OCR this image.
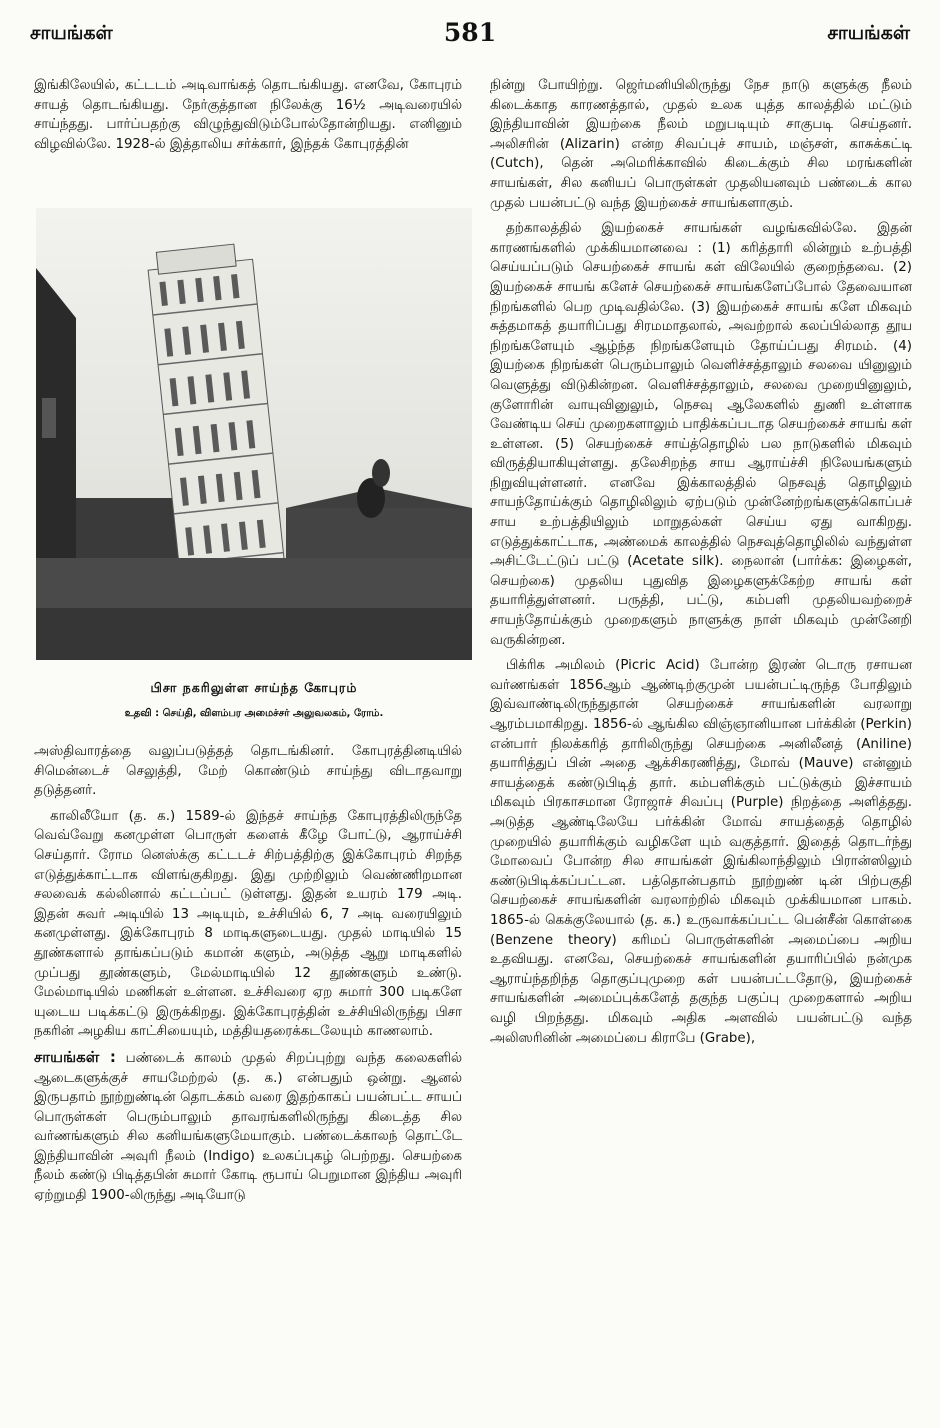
சாயங்கள்	581	சாயங்கள்

இங்கிலேயில், கட்டடம் அடிவாங்கத் தொடங்கியது. எனவே, கோபுரம் சாயத் தொடங்கியது. நேர்குத்தான நிலேக்கு 16½ அடிவரையில் சாய்ந்தது. பார்ப்பதற்கு விழுந்துவிடும்போல்தோன்றியது. எனினும் விழவில்லே. 1928-ல் இத்தாலிய சர்க்கார், இந்தக் கோபுரத்தின்

பிசா நகரிலுள்ள சாய்ந்த கோபுரம்
உதவி : செய்தி, விளம்பர அமைச்சர் அலுவலகம், ரோம்.

அஸ்திவாரத்தை வலுப்படுத்தத் தொடங்கினர். கோபுரத்தினடியில் சிமென்டைச் செலுத்தி, மேற் கொண்டும் சாய்ந்து விடாதவாறு தடுத்தனர்.

காலிலீயோ (த. க.) 1589-ல் இந்தச் சாய்ந்த கோபுரத்திலிருந்தே வெவ்வேறு கனமுள்ள பொருள் களைக் கீழே போட்டு, ஆராய்ச்சி செய்தார். ரோம னெஸ்க்கு கட்டடச் சிற்பத்திற்கு இக்கோபுரம் சிறந்த எடுத்துக்காட்டாக விளங்குகிறது. இது முற்றிலும் வெண்ணிறமான சலவைக் கல்லினால் கட்டப்பட் டுள்ளது. இதன் உயரம் 179 அடி. இதன் சுவர் அடியில் 13 அடியும், உச்சியில் 6, 7 அடி வரையிலும் கனமுள்ளது. இக்கோபுரம் 8 மாடிகளுடையது. முதல் மாடியில் 15 தூண்களால் தாங்கப்படும் கமான் களும், அடுத்த ஆறு மாடிகளில் முப்பது தூண்களும், மேல்மாடியில் 12 தூண்களும் உண்டு. மேல்மாடியில் மணிகள் உள்ளன. உச்சிவரை ஏற சுமார் 300 படிகளே யுடைய படிக்கட்டு இருக்கிறது. இக்கோபுரத்தின் உச்சியிலிருந்து பிசா நகரின் அழகிய காட்சியையும், மத்தியதரைக்கடலேயும் காணலாம்.

சாயங்கள் : பண்டைக் காலம் முதல் சிறப்புற்று வந்த கலைகளில் ஆடைகளுக்குச் சாயமேற்றல் (த. க.) என்பதும் ஒன்று. ஆனல் இருபதாம் நூற்றுண்டின் தொடக்கம் வரை இதற்காகப் பயன்பட்ட சாயப் பொருள்கள் பெரும்பாலும் தாவரங்களிலிருந்து கிடைத்த சில வர்ணங்களும் சில கனியங்களுமேயாகும். பண்டைக்காலந் தொட்டே இந்தியாவின் அவுரி நீலம் (Indigo) உலகப்புகழ் பெற்றது. செயற்கை நீலம் கண்டு பிடித்தபின் சுமார் கோடி ரூபாய் பெறுமான இந்திய அவுரி ஏற்றுமதி 1900-லிருந்து அடியோடு

நின்று போயிற்று. ஜெர்மனியிலிருந்து நேச நாடு களுக்கு நீலம் கிடைக்காத காரணத்தால், முதல் உலக யுத்த காலத்தில் மட்டும் இந்தியாவின் இயற்கை நீலம் மறுபடியும் சாகுபடி செய்தனர். அலிசரின் (Alizarin) என்ற சிவப்புச் சாயம், மஞ்சள், காசுக்கட்டி (Cutch), தென் அமெரிக்காவில் கிடைக்கும் சில மரங்களின் சாயங்கள், சில கனியப் பொருள்கள் முதலியனவும் பண்டைக் கால முதல் பயன்பட்டு வந்த இயற்கைச் சாயங்களாகும்.

தற்காலத்தில் இயற்கைச் சாயங்கள் வழங்கவில்லே. இதன் காரணங்களில் முக்கியமானவை : (1) கரித்தாரி லின்றும் உற்பத்தி செய்யப்படும் செயற்கைச் சாயங் கள் விலேயில் குறைந்தவை. (2) இயற்கைச் சாயங் களேச் செயற்கைச் சாயங்களேப்போல் தேவையான நிறங்களில் பெற முடிவதில்லே. (3) இயற்கைச் சாயங் களே மிகவும் சுத்தமாகத் தயாரிப்பது சிரமமாதலால், அவற்றால் கலப்பில்லாத தூய நிறங்களேயும் ஆழ்ந்த நிறங்களேயும் தோய்ப்பது சிரமம். (4) இயற்கை நிறங்கள் பெரும்பாலும் வெளிச்சத்தாலும் சலவை யினுலும் வெளுத்து விடுகின்றன. வெளிச்சத்தாலும், சலவை முறையினுலும், குளோரின் வாயுவினுலும், நெசவு ஆலேகளில் துணி உள்ளாக வேண்டிய செய் முறைகளாலும் பாதிக்கப்படாத செயற்கைச் சாயங் கள் உள்ளன. (5) செயற்கைச் சாய்த்தொழில் பல நாடுகளில் மிகவும் விருத்தியாகியுள்ளது. தலேசிறந்த சாய ஆராய்ச்சி நிலேயங்களும் நிறுவியுள்ளனர். எனவே இக்காலத்தில் நெசவுத் தொழிலும் சாயந்தோய்க்கும் தொழிலிலும் ஏற்படும் முன்னேற்றங்களுக்கொப்பச் சாய உற்பத்தியிலும் மாறுதல்கள் செய்ய ஏது வாகிறது. எடுத்துக்காட்டாக, அண்மைக் காலத்தில் நெசவுத்தொழிலில் வந்துள்ள அசிட்டேட்டுப் பட்டு (Acetate silk). நைலான் (பார்க்க: இழைகள், செயற்கை) முதலிய புதுவித இழைகளுக்கேற்ற சாயங் கள் தயாரித்துள்ளனர். பருத்தி, பட்டு, கம்பளி முதலியவற்றைச் சாயந்தோய்க்கும் முறைகளும் நாளுக்கு நாள் மிகவும் முன்னேறி வருகின்றன.

பிக்ரிக அமிலம் (Picric Acid) போன்ற இரண் டொரு ரசாயன வர்ணங்கள் 1856ஆம் ஆண்டிற்குமுன் பயன்பட்டிருந்த போதிலும் இவ்வாண்டிலிருந்துதான் செயற்கைச் சாயங்களின் வரலாறு ஆரம்பமாகிறது. 1856-ல் ஆங்கில விஞ்ஞானியான பர்க்கின் (Perkin) என்பார் நிலக்கரித் தாரிலிருந்து செயற்கை அனிலீனத் (Aniline) தயாரித்துப் பின் அதை ஆக்சிகரணித்து, மோவ் (Mauve) என்னும் சாயத்தைக் கண்டுபிடித் தார். கம்பளிக்கும் பட்டுக்கும் இச்சாயம் மிகவும் பிரகாசமான ரோஜாச் சிவப்பு (Purple) நிறத்தை அளித்தது. அடுத்த ஆண்டிலேயே பர்க்கின் மோவ் சாயத்தைத் தொழில் முறையில் தயாரிக்கும் வழிகளே யும் வகுத்தார். இதைத் தொடர்ந்து மோவைப் போன்ற சில சாயங்கள் இங்கிலாந்திலும் பிரான்ஸிலும் கண்டுபிடிக்கப்பட்டன. பத்தொன்பதாம் நூற்றுண் டின் பிற்பகுதி செயற்கைச் சாயங்களின் வரலாற்றில் மிகவும் முக்கியமான பாகம். 1865-ல் கெக்குலேயால் (த. க.) உருவாக்கப்பட்ட பென்சீன் கொள்கை (Benzene theory) கரிமப் பொருள்களின் அமைப்பை அறிய உதவியது. எனவே, செயற்கைச் சாயங்களின் தயாரிப்பில் நன்முக ஆராய்ந்தறிந்த தொகுப்புமுறை கள் பயன்பட்டதோடு, இயற்கைச் சாயங்களின் அமைப்புக்களேத் தகுந்த பகுப்பு முறைகளால் அறிய வழி பிறந்தது. மிகவும் அதிக அளவில் பயன்பட்டு வந்த அலிஸரினின் அமைப்பை கிராபே (Grabe),
